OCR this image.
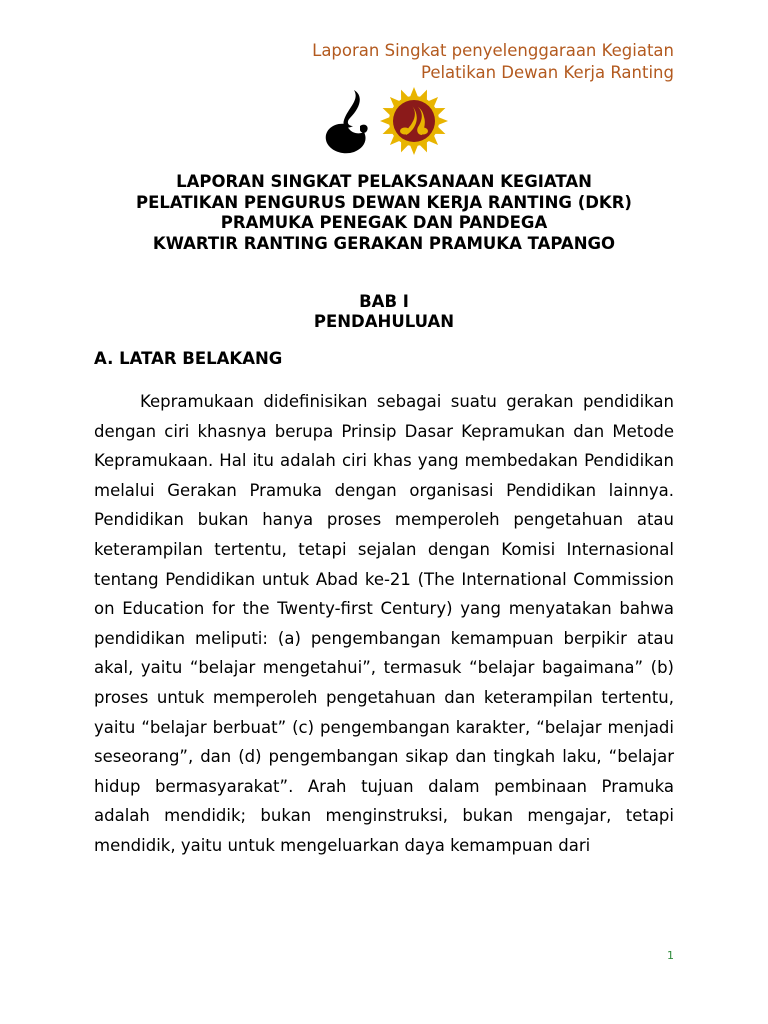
Laporan Singkat penyelenggaraan Kegiatan
Pelatikan Dewan Kerja Ranting
LAPORAN SINGKAT PELAKSANAAN KEGIATAN
PELATIKAN PENGURUS DEWAN KERJA RANTING (DKR)
PRAMUKA PENEGAK DAN PANDEGA
KWARTIR RANTING GERAKAN PRAMUKA TAPANGO
BAB I
PENDAHULUAN
A. LATAR BELAKANG

Kepramukaan didefinisikan sebagai suatu gerakan pendidikan dengan ciri khasnya berupa Prinsip Dasar Kepramukan dan Metode Kepramukaan. Hal itu adalah ciri khas yang membedakan Pendidikan melalui Gerakan Pramuka dengan organisasi Pendidikan lainnya. Pendidikan bukan hanya proses memperoleh pengetahuan atau keterampilan tertentu, tetapi sejalan dengan Komisi Internasional tentang Pendidikan untuk Abad ke-21 (The International Commission on Education for the Twenty-first Century) yang menyatakan bahwa pendidikan meliputi: (a) pengembangan kemampuan berpikir atau akal, yaitu “belajar mengetahui”, termasuk “belajar bagaimana” (b) proses untuk memperoleh pengetahuan dan keterampilan tertentu, yaitu “belajar berbuat” (c) pengembangan karakter, “belajar menjadi seseorang”, dan (d) pengembangan sikap dan tingkah laku, “belajar hidup bermasyarakat”. Arah tujuan dalam pembinaan Pramuka adalah mendidik; bukan menginstruksi, bukan mengajar, tetapi mendidik, yaitu untuk mengeluarkan daya kemampuan dari

1
